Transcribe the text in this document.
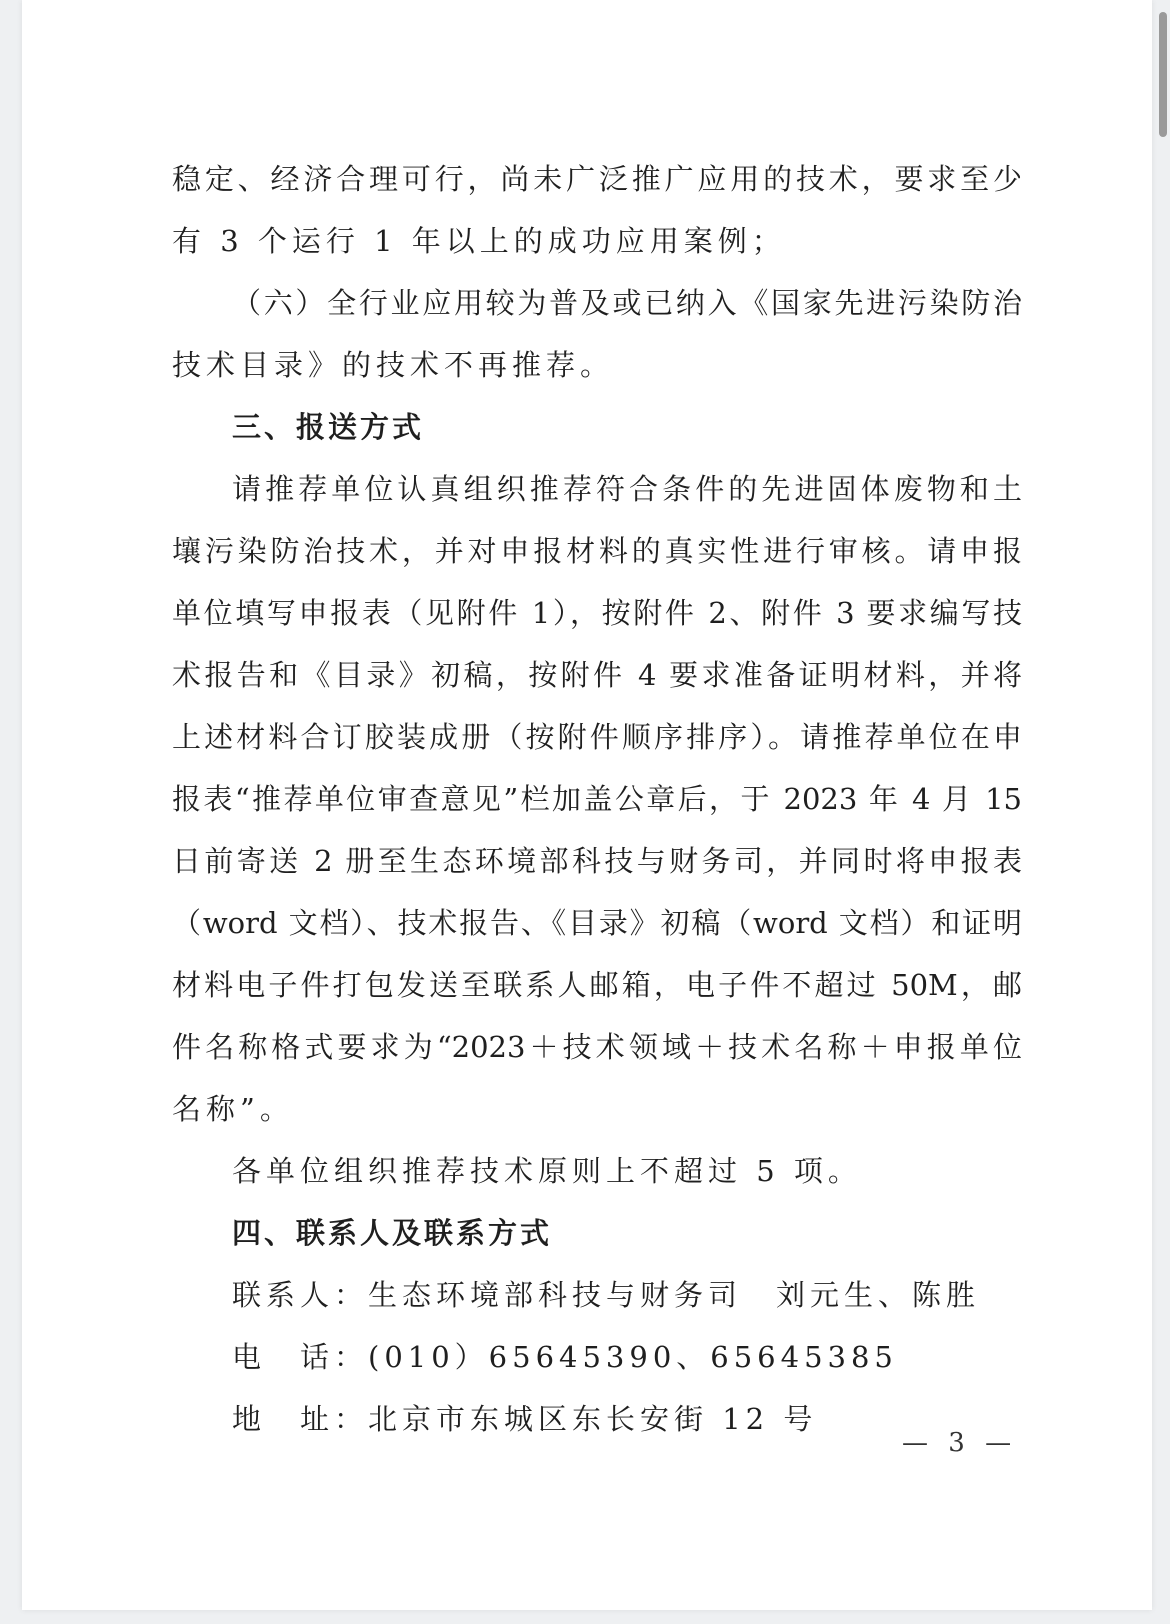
稳定、经济合理可行，尚未广泛推广应用的技术，要求至少

有 3 个运行 1 年以上的成功应用案例；

（六）全行业应用较为普及或已纳入《国家先进污染防治

技术目录》的技术不再推荐。

三、报送方式

请推荐单位认真组织推荐符合条件的先进固体废物和土

壤污染防治技术，并对申报材料的真实性进行审核。请申报

单位填写申报表（见附件 1），按附件 2、附件 3 要求编写技

术报告和《目录》初稿，按附件 4 要求准备证明材料，并将

上述材料合订胶装成册（按附件顺序排序）。请推荐单位在申

报表“推荐单位审查意见”栏加盖公章后，于 2023 年 4 月 15

日前寄送 2 册至生态环境部科技与财务司，并同时将申报表

（word 文档）、技术报告、《目录》初稿（word 文档）和证明

材料电子件打包发送至联系人邮箱，电子件不超过 50M，邮

件名称格式要求为“2023＋技术领域＋技术名称＋申报单位

名称”。

各单位组织推荐技术原则上不超过 5 项。

四、联系人及联系方式

联系人：生态环境部科技与财务司　刘元生、陈胜

电　话：(010）65645390、65645385

地　址：北京市东城区东长安街 12 号

— 3 —
